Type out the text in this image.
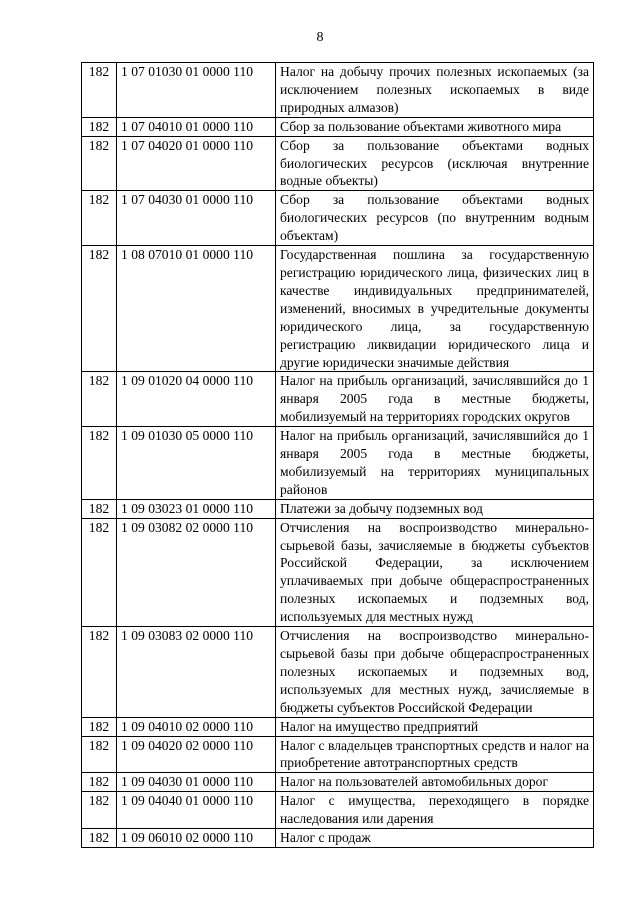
8
182	1 07 01030 01 0000 110	Налог на добычу прочих полезных ископаемых (за исключением полезных ископаемых в виде природных алмазов)
182	1 07 04010 01 0000 110	Сбор за пользование объектами животного мира
182	1 07 04020 01 0000 110	Сбор за пользование объектами водных биологических ресурсов (исключая внутренние водные объекты)
182	1 07 04030 01 0000 110	Сбор за пользование объектами водных биологических ресурсов (по внутренним водным объектам)
182	1 08 07010 01 0000 110	Государственная пошлина за государственную регистрацию юридического лица, физических лиц в качестве индивидуальных предпринимателей, изменений, вносимых в учредительные документы юридического лица, за государственную регистрацию ликвидации юридического лица и другие юридически значимые действия
182	1 09 01020 04 0000 110	Налог на прибыль организаций, зачислявшийся до 1 января 2005 года в местные бюджеты, мобилизуемый на территориях городских округов
182	1 09 01030 05 0000 110	Налог на прибыль организаций, зачислявшийся до 1 января 2005 года в местные бюджеты, мобилизуемый на территориях муниципальных районов
182	1 09 03023 01 0000 110	Платежи за добычу подземных вод
182	1 09 03082 02 0000 110	Отчисления на воспроизводство минерально-сырьевой базы, зачисляемые в бюджеты субъектов Российской Федерации, за исключением уплачиваемых при добыче общераспространенных полезных ископаемых и подземных вод, используемых для местных нужд
182	1 09 03083 02 0000 110	Отчисления на воспроизводство минерально-сырьевой базы при добыче общераспространенных полезных ископаемых и подземных вод, используемых для местных нужд, зачисляемые в бюджеты субъектов Российской Федерации
182	1 09 04010 02 0000 110	Налог на имущество предприятий
182	1 09 04020 02 0000 110	Налог с владельцев транспортных средств и налог на приобретение автотранспортных средств
182	1 09 04030 01 0000 110	Налог на пользователей автомобильных дорог
182	1 09 04040 01 0000 110	Налог с имущества, переходящего в порядке наследования или дарения
182	1 09 06010 02 0000 110	Налог с продаж
